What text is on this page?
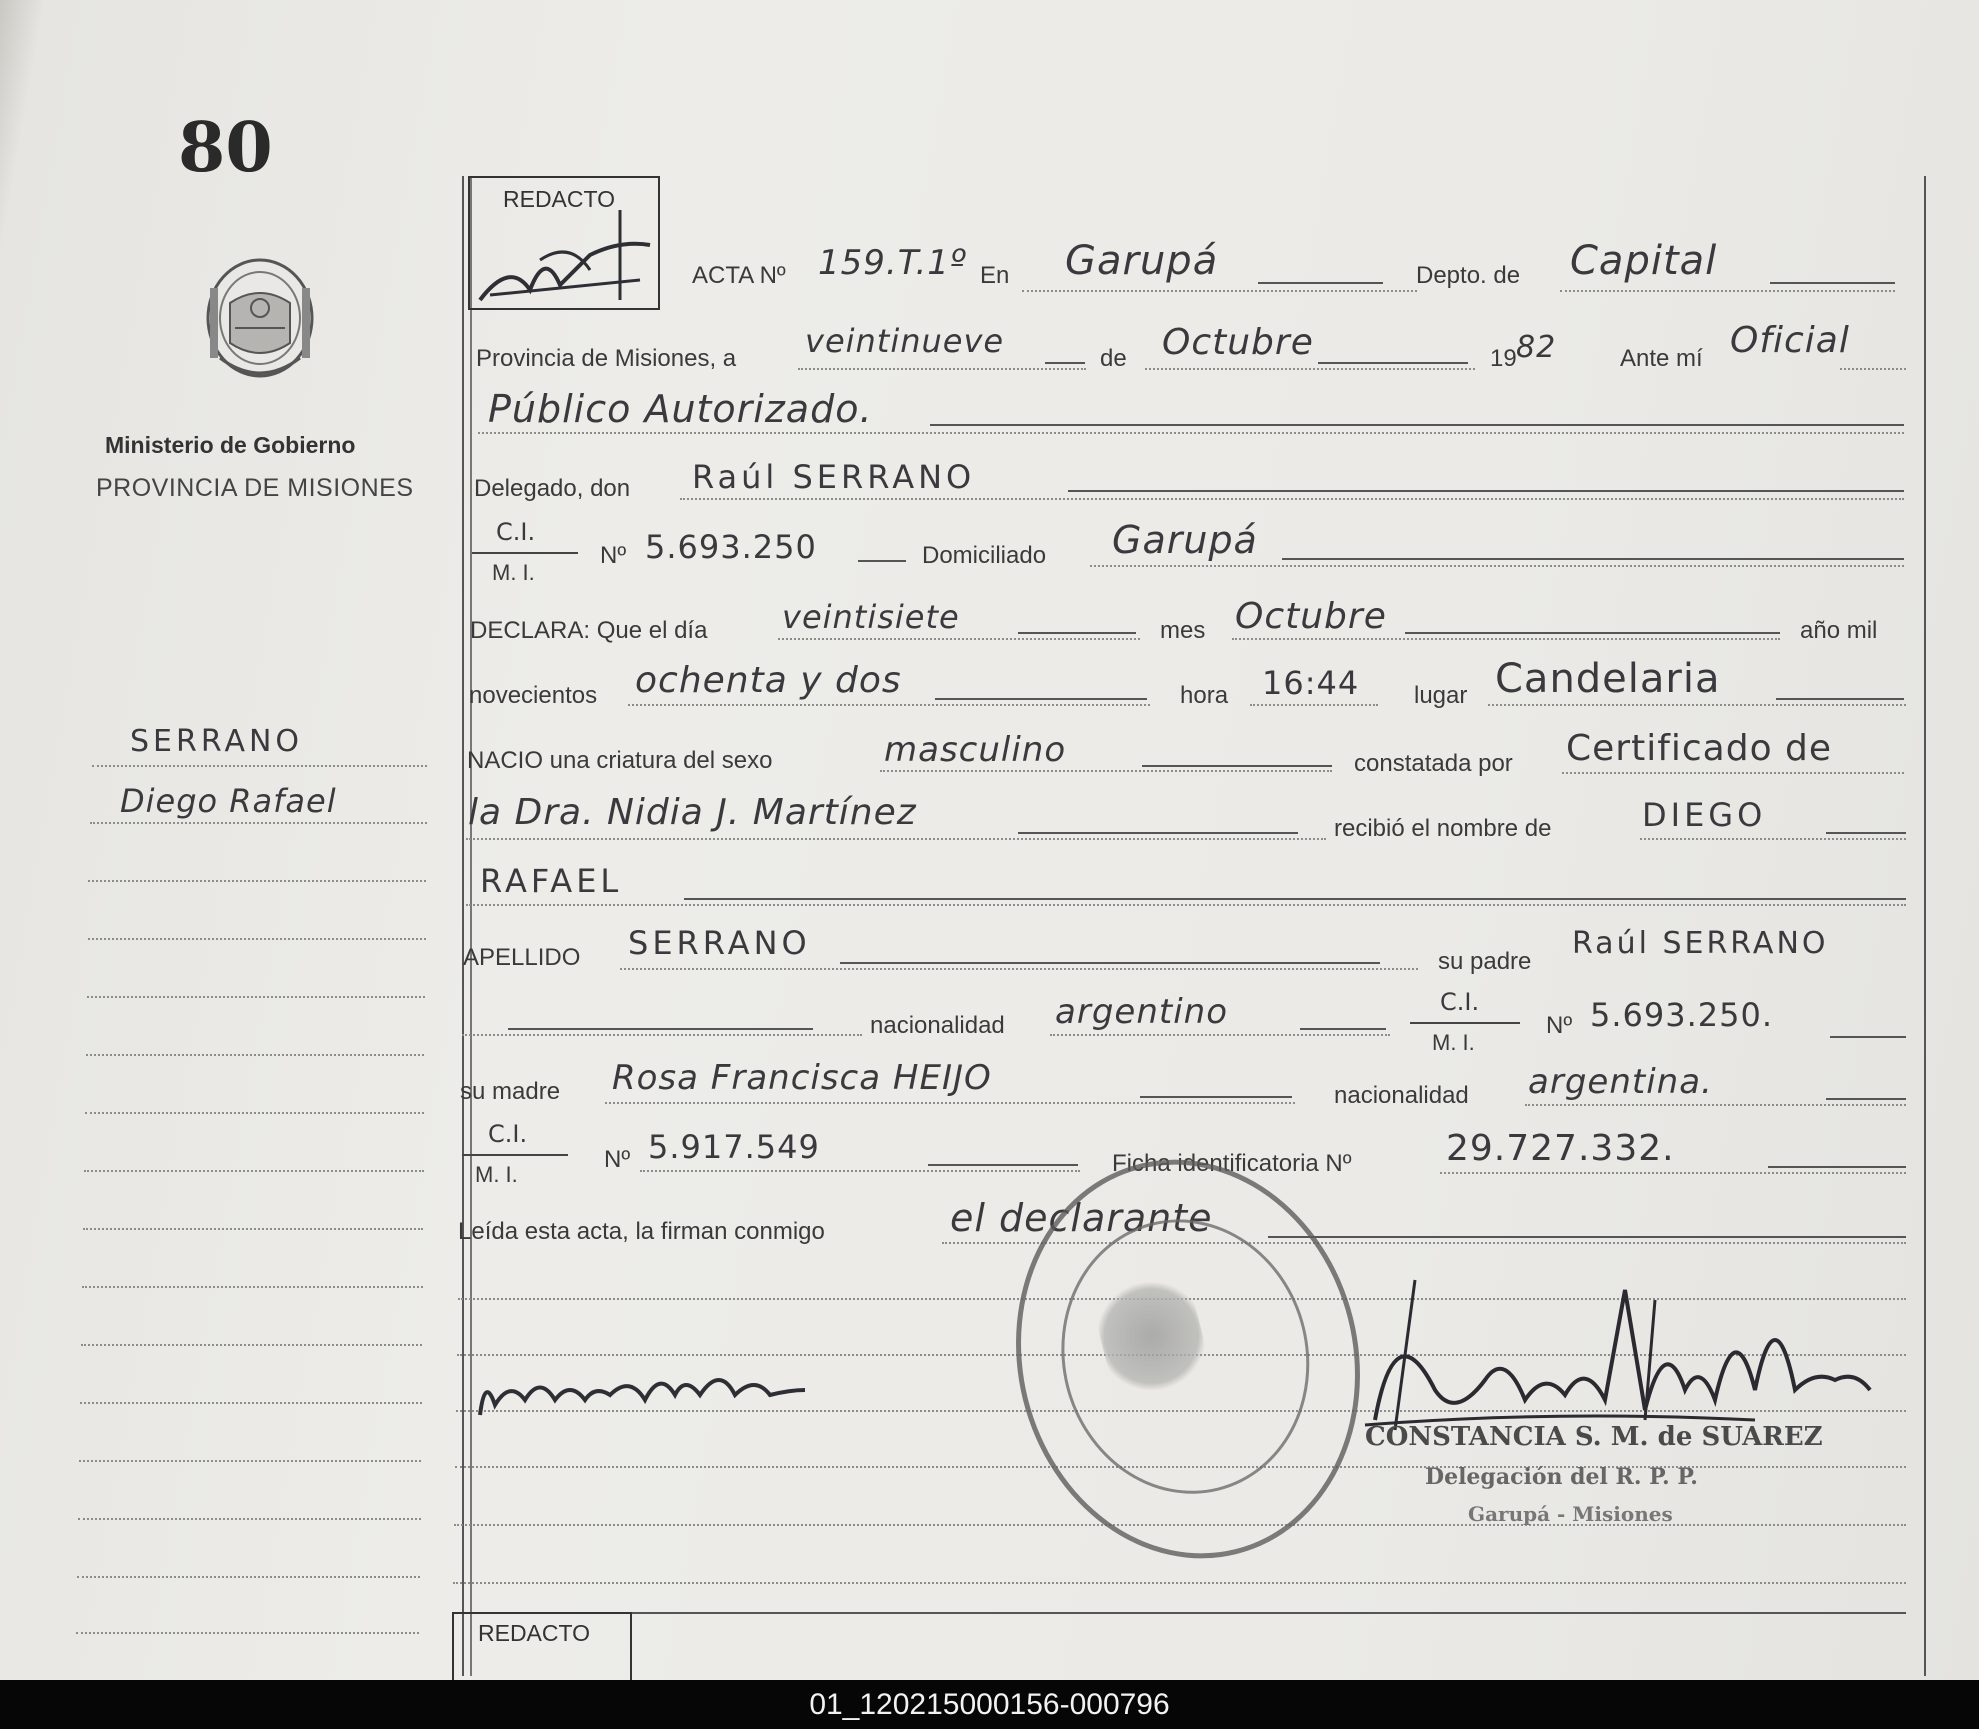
80
Ministerio de Gobierno
PROVINCIA DE MISIONES
SERRANO
Diego Rafael
REDACTO
ACTA Nº 159.T.1º En Garupá	Depto. de Capital
Provincia de Misiones, a veintinueve	de Octubre	19 82	Ante mí Oficial
Público Autorizado.
Delegado, don Raúl SERRANO
C.I.
M. I.
Nº 5.693.250	Domiciliado Garupá
DECLARA: Que el día veintisiete	mes Octubre	año mil
novecientos ochenta y dos	hora 16:44 lugar Candelaria
NACIO una criatura del sexo	masculino	constatada por Certificado de
la Dra. Nidia J. Martínez	recibió el nombre de	DIEGO
RAFAEL
APELLIDO SERRANO	su padre
Raúl SERRANO
nacionalidad argentino	C.I.
M. I.
Nº 5.693.250.
su madre Rosa Francisca HEIJO	nacionalidad argentina.
C.I.
M. I.
Nº 5.917.549	Ficha identificatoria Nº	29.727.332.
Leída esta acta, la firman conmigo	el declarante
CONSTANCIA S. M. de SUAREZ
Delegación del R. P. P.
Garupá - Misiones
REDACTO
01_120215000156-000796
